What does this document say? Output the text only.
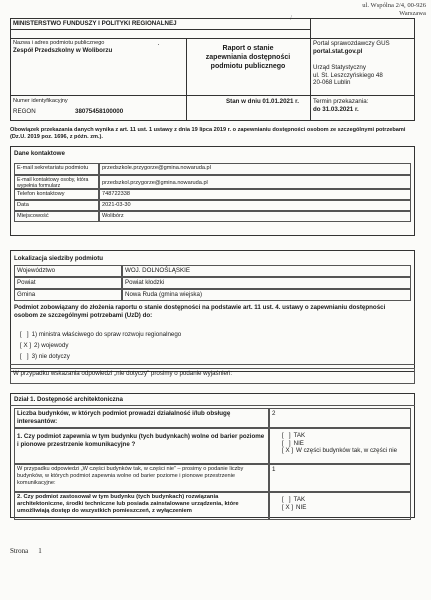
ul. Wspólna 2/4, 00-926
Warszawa
/
MINISTERSTWO FUNDUSZY I POLITYKI REGIONALNEJ
Nazwa i adres podmiotu publicznego
Zespół Przedszkolny w Woliborzu	Raport o stanie
zapewniania dostępności
podmiotu publicznego
Portal sprawozdawczy GUS
portal.stat.gov.pl
Urząd Statystyczny
ul. St. Leszczyńskiego 48
20-068 Lublin
Numer identyfikacyjny
REGON	38075458100000
Stan w dniu 01.01.2021 r.	Termin przekazania:
do 31.03.2021 r.
Obowiązek przekazania danych wynika z art. 11 ust. 1 ustawy z dnia 19 lipca 2019 r. o zapewnianiu dostępności osobom ze szczególnymi potrzebami (Dz.U. 2019 poz. 1696, z późn. zm.).
Dane kontaktowe
E-mail sekretariatu podmiotu	przedszkole.przygorze@gmina.nowaruda.pl
E-mail kontaktowy osoby, która wypełnia formularz	przedszkol.przygorze@gmina.nowaruda.pl
Telefon kontaktowy	748722338
Data	2021-03-30
Miejscowość	Wolibórz
Lokalizacja siedziby podmiotu
Województwo	WOJ. DOLNOŚLĄSKIE
Powiat	Powiat kłodzki
Gmina	Nowa Ruda (gmina wiejska)
Podmiot zobowiązany do złożenia raportu o stanie dostępności na podstawie art. 11 ust. 4. ustawy o zapewnianiu dostępności osobom ze szczególnymi potrzebami (UzD) do:
[   ] 1) ministra właściwego do spraw rozwoju regionalnego
[ X ] 2) wojewody
[   ] 3) nie dotyczy
W przypadku wskazania odpowiedzi „nie dotyczy” prosimy o podanie wyjaśnień:
Dział 1. Dostępność architektoniczna
Liczba budynków, w których podmiot prowadzi działalność i/lub obsługę interesantów:
2
1. Czy podmiot zapewnia w tym budynku (tych budynkach) wolne od barier poziome i pionowe przestrzenie komunikacyjne ?
[   ] TAK
[   ] NIE
[ X ] W części budynków tak, w części nie
W przypadku odpowiedzi „W części budynków tak, w części nie” – prosimy o podanie liczby budynków, w których podmiot zapewnia wolne od barier poziome i pionowe przestrzenie komunikacyjne:
1
2. Czy podmiot zastosował w tym budynku (tych budynkach) rozwiązania architektoniczne, środki techniczne lub posiada zainstalowane urządzenia, które umożliwiają dostęp do wszystkich pomieszczeń, z wyłączeniem
[   ] TAK
[ X ] NIE
Strona 1
